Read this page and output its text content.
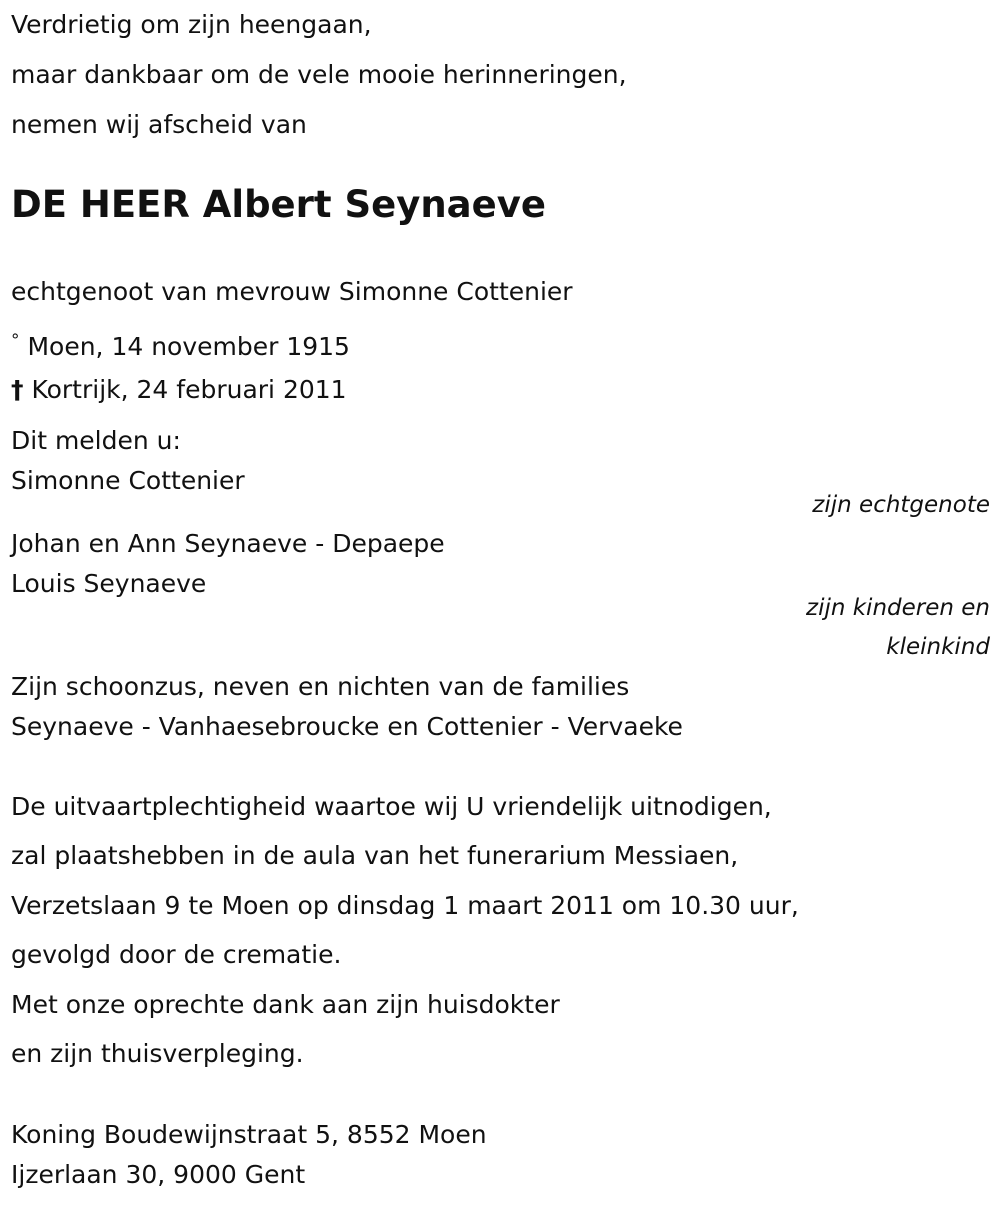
Verdrietig om zijn heengaan,

maar dankbaar om de vele mooie herinneringen,

nemen wij afscheid van

DE HEER Albert Seynaeve

echtgenoot van mevrouw Simonne Cottenier

° Moen, 14 november 1915

† Kortrijk, 24 februari 2011

Dit melden u:

Simonne Cottenier

zijn echtgenote

Johan en Ann Seynaeve - Depaepe

Louis Seynaeve

zijn kinderen en

kleinkind

Zijn schoonzus, neven en nichten van de families

Seynaeve - Vanhaesebroucke en Cottenier - Vervaeke

De uitvaartplechtigheid waartoe wij U vriendelijk uitnodigen,

zal plaatshebben in de aula van het funerarium Messiaen,

Verzetslaan 9 te Moen op dinsdag 1 maart 2011 om 10.30 uur,

gevolgd door de crematie.

Met onze oprechte dank aan zijn huisdokter

en zijn thuisverpleging.

Koning Boudewijnstraat 5, 8552 Moen

Ijzerlaan 30, 9000 Gent
